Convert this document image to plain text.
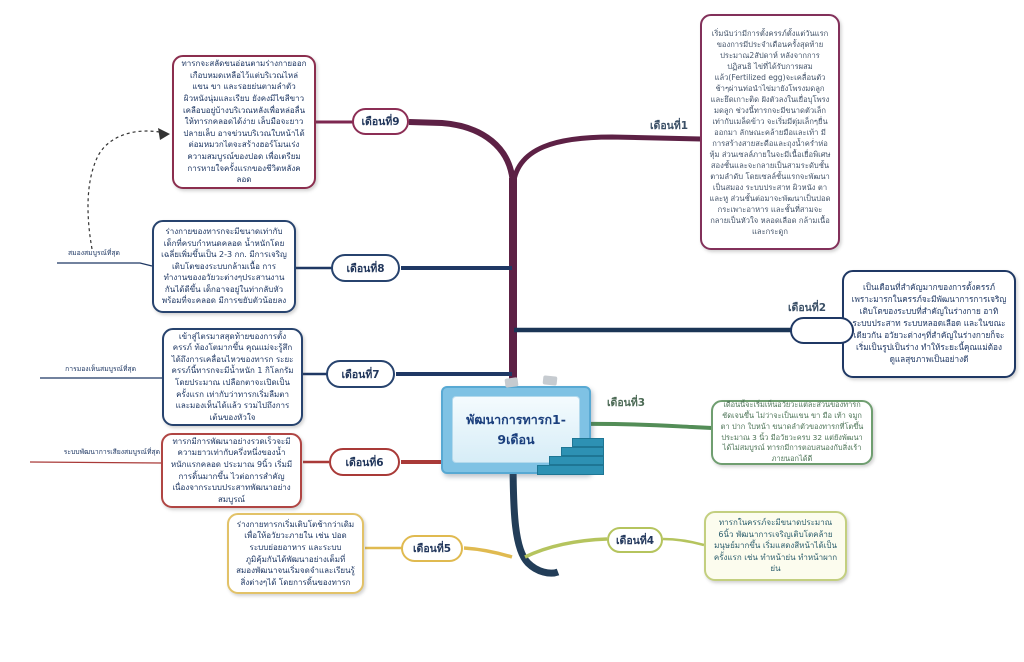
เริ่มนับว่ามีการตั้งครรภ์ตั้งแต่วันแรกของการมีประจำเดือนครั้งสุดท้าย ประมาณ2สัปดาห์ หลังจากการปฏิสนธิ ไข่ที่ได้รับการผสมแล้ว(Fertilized egg)จะเคลื่อนตัวช้าๆผ่านท่อนำไข่มายังโพรงมดลูก และยึดเกาะติด ฝังตัวลงในเยื่อบุโพรงมดลูก ช่วงนี้ทารกจะมีขนาดตัวเล็กเท่ากับเมล็ดข้าว จะเริ่มมีตุ่มเล็กๆยื่นออกมา ลักษณะคล้ายมือและเท้า มีการสร้างสายสะดือและถุงน้ำคร่ำห่อหุ้ม ส่วนเซลล์ภายในจะมีเนื้อเยื่อพิเศษสองชั้นและจะกลายเป็นสามระดับชั้นตามลำดับ โดยเซลล์ชั้นแรกจะพัฒนาเป็นสมอง ระบบประสาท ผิวหนัง ตา และหู ส่วนชั้นต่อมาจะพัฒนาเป็นปอด กระเพาะอาหาร และชั้นที่สามจะกลายเป็นหัวใจ หลอดเลือด กล้ามเนื้อและกระดูก
เป็นเดือนที่สำคัญมากของการตั้งครรภ์ เพราะมารกในครรภ์จะมีพัฒนาการการเจริญเติบโตของระบบที่สำคัญในร่างกาย อาทิ ระบบประสาท ระบบหลอดเลือด และในขณะเดียวกัน อวัยวะต่างๆที่สำคัญในร่างกายก็จะเริ่มเป็นรูปเป็นร่าง ทำให้ระยะนี้คุณแม่ต้องดูแลสุขภาพเป็นอย่างดี
เดือนนี้จะเริ่มเห็นอวัยวะแต่ละส่วนของทารกชัดเจนขึ้น ไม่ว่าจะเป็นแขน ขา มือ เท้า จมูก ตา ปาก ใบหน้า ขนาดลำตัวของทารกที่โตขึ้นประมาณ 3 นิ้ว มีอวัยวะครบ 32 แต่ยังพัฒนาได้ไม่สมบูรณ์ ทารกมีการตอบสนองกับสิ่งเร้าภายนอกได้ดี
ทารกในครรภ์จะมีขนาดประมาณ 6นิ้ว พัฒนาการเจริญเติบโตคล้ายมนุษย์มากขึ้น เริ่มแสดงสีหน้าได้เป็นครั้งแรก เช่น ทำหน้าย่น ทำหน้าผากย่น
ร่างกายทารกเริ่มเติบโตช้ากว่าเดิมเพื่อให้อวัยวะภายใน เช่น ปอด ระบบย่อยอาหาร และระบบภูมิคุ้มกันได้พัฒนาอย่างเต็มที่ สมองพัฒนาจนเริ่มจดจำและเรียนรู้สิ่งต่างๆได้ โดยการดิ้นของทารก
ทารกมีการพัฒนาอย่างรวดเร็วจะมีความยาวเท่ากับครึ่งหนึ่งของน้ำหนักแรกคลอด ประมาณ 9นิ้ว เริ่มมีการดิ้นมากขึ้น ไวต่อการสำคัญ เนื่องจากระบบประสาทพัฒนาอย่างสมบูรณ์
เข้าสู่ไตรมาสสุดท้ายของการตั้งครรภ์ ท้องโตมากขึ้น คุณแม่จะรู้สึกได้ถึงการเคลื่อนไหวของทารก ระยะครรภ์นี้ทารกจะมีน้ำหนัก 1 กิโลกรัมโดยประมาณ เปลือกตาจะเปิดเป็นครั้งแรก เท่ากับว่าทารกเริ่มลืมตาและมองเห็นได้แล้ว รวมไปถึงการเต้นของหัวใจ
ร่างกายของทารกจะมีขนาดเท่ากับเด็กที่ครบกำหนดคลอด น้ำหนักโดยเฉลี่ยเพิ่มขึ้นเป็น 2-3 กก. มีการเจริญเติบโตของระบบกล้ามเนื้อ การทำงานของอวัยวะต่างๆประสานงานกันได้ดีขึ้น เด็กอาจอยู่ในท่ากลับหัวพร้อมที่จะคลอด มีการขยับตัวน้อยลง
ทารกจะสลัดขนอ่อนตามร่างกายออกเกือบหมดเหลือไว้แต่บริเวณไหล่ แขน ขา และรอยย่นตามลำตัว ผิวหนังนุ่มและเรียบ ยังคงมีไขสีขาวเคลือบอยู่บ้างบริเวณหลังเพื่อหล่อลื่นให้ทารกคลอดได้ง่าย เล็บมือจะยาว ปลายเล็บ อาจข่วนบริเวณใบหน้าได้ ต่อมหมวกไตจะสร้างฮอร์โมนเร่งความสมบูรณ์ของปอด เพื่อเตรียมการหายใจครั้งแรกของชีวิตหลังคลอด
เดือนที่9
เดือนที่8
เดือนที่7
เดือนที่6
เดือนที่5
เดือนที่4
เดือนที่1
เดือนที่2
เดือนที่3
สมองสมบูรณ์ที่สุด
การมองเห็นสมบูรณ์ที่สุด
ระบบพัฒนาการเสียงสมบูรณ์ที่สุด
พัฒนาการทารก1-9เดือน
